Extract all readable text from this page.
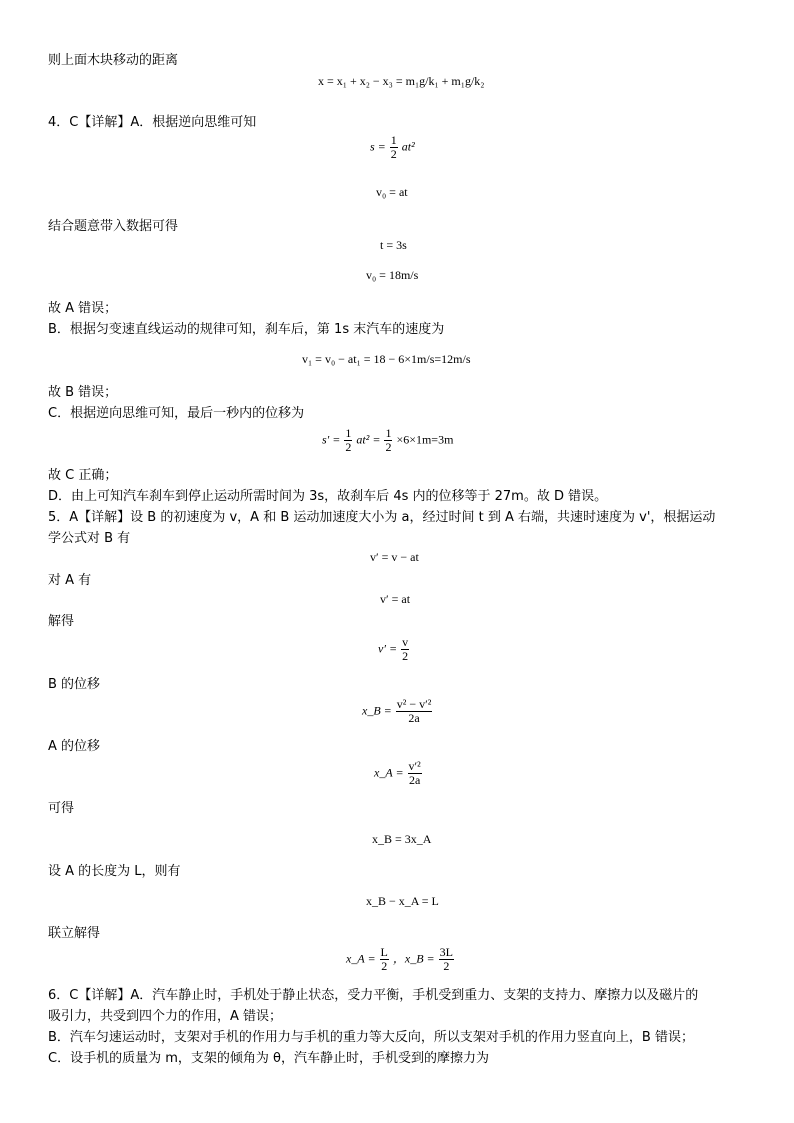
则上面木块移动的距离
x = x₁ + x₂ − x₃ = m₁g/k₁ + m₁g/k₂
4．C【详解】A．根据逆向思维可知
$s = \frac{1}{2} at^2$
v₀ = at
结合题意带入数据可得
t = 3s
v₀ = 18m/s
故 A 错误；
B．根据匀变速直线运动的规律可知，刹车后，第 1s 末汽车的速度为
v₁ = v₀ − at₁ = 18 − 6×1m/s=12m/s
故 B 错误；
C．根据逆向思维可知，最后一秒内的位移为
$s' = \frac{1}{2} at^2 = \frac{1}{2} \times 6\times 1m=3m$
故 C 正确；
D．由上可知汽车刹车到停止运动所需时间为 3s，故刹车后 4s 内的位移等于 27m。故 D 错误。
5．A【详解】设 B 的初速度为 v，A 和 B 运动加速度大小为 a，经过时间 t 到 A 右端，共速时速度为 v'，根据运动
学公式对 B 有
v′ = v − at
对 A 有
v′ = at
解得
$v' = \frac{v}{2}$
B 的位移
x_B = $\frac{\text{v² − v′²}}{2a}$
A 的位移
x_A = $\frac{\text{v′²}}{2a}$
可得
x_B = 3x_A
设 A 的长度为 L，则有
x_B − x_A = L
联立解得
x_A = $\frac{L}{2}$ ，x_B = $\frac{3L}{2}$
6．C【详解】A．汽车静止时，手机处于静止状态，受力平衡，手机受到重力、支架的支持力、摩擦力以及磁片的
吸引力，共受到四个力的作用，A 错误；
B．汽车匀速运动时，支架对手机的作用力与手机的重力等大反向，所以支架对手机的作用力竖直向上，B 错误；
C．设手机的质量为 m，支架的倾角为 θ，汽车静止时，手机受到的摩擦力为
